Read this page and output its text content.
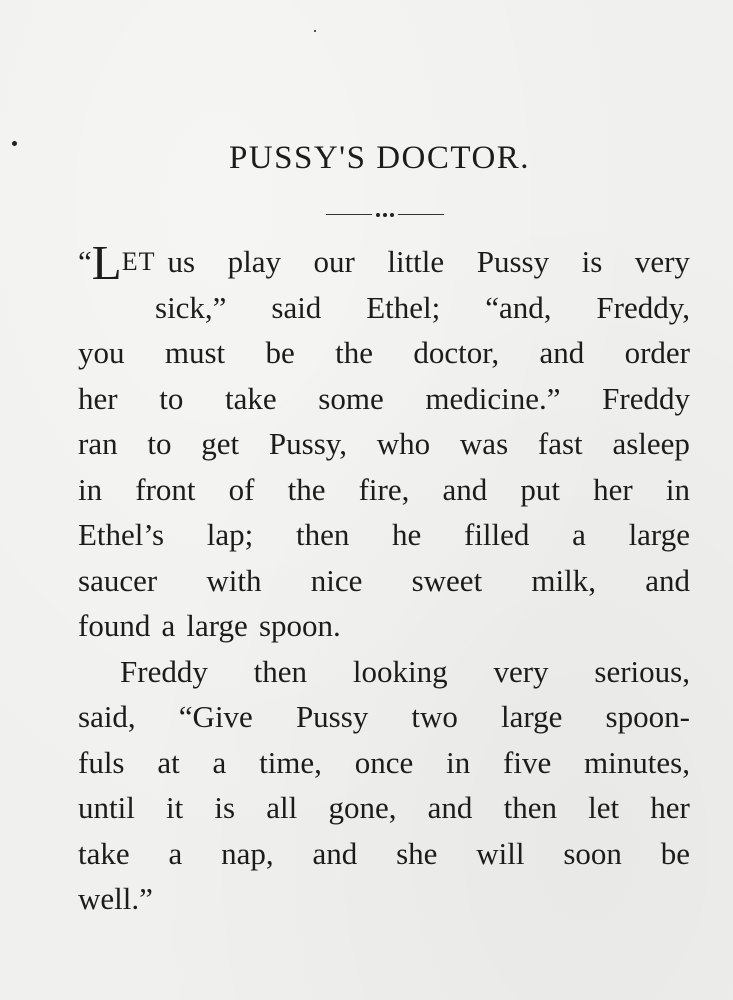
PUSSY'S DOCTOR.
“ L ET us play our little Pussy is very
sick,” said Ethel; “and, Freddy,
you must be the doctor, and order
her to take some medicine.” Freddy
ran to get Pussy, who was fast asleep
in front of the fire, and put her in
Ethel’s lap; then he filled a large
saucer with nice sweet milk, and
found a large spoon.
Freddy then looking very serious,
said, “Give Pussy two large spoon-
fuls at a time, once in five minutes,
until it is all gone, and then let her
take a nap, and she will soon be
well.”
